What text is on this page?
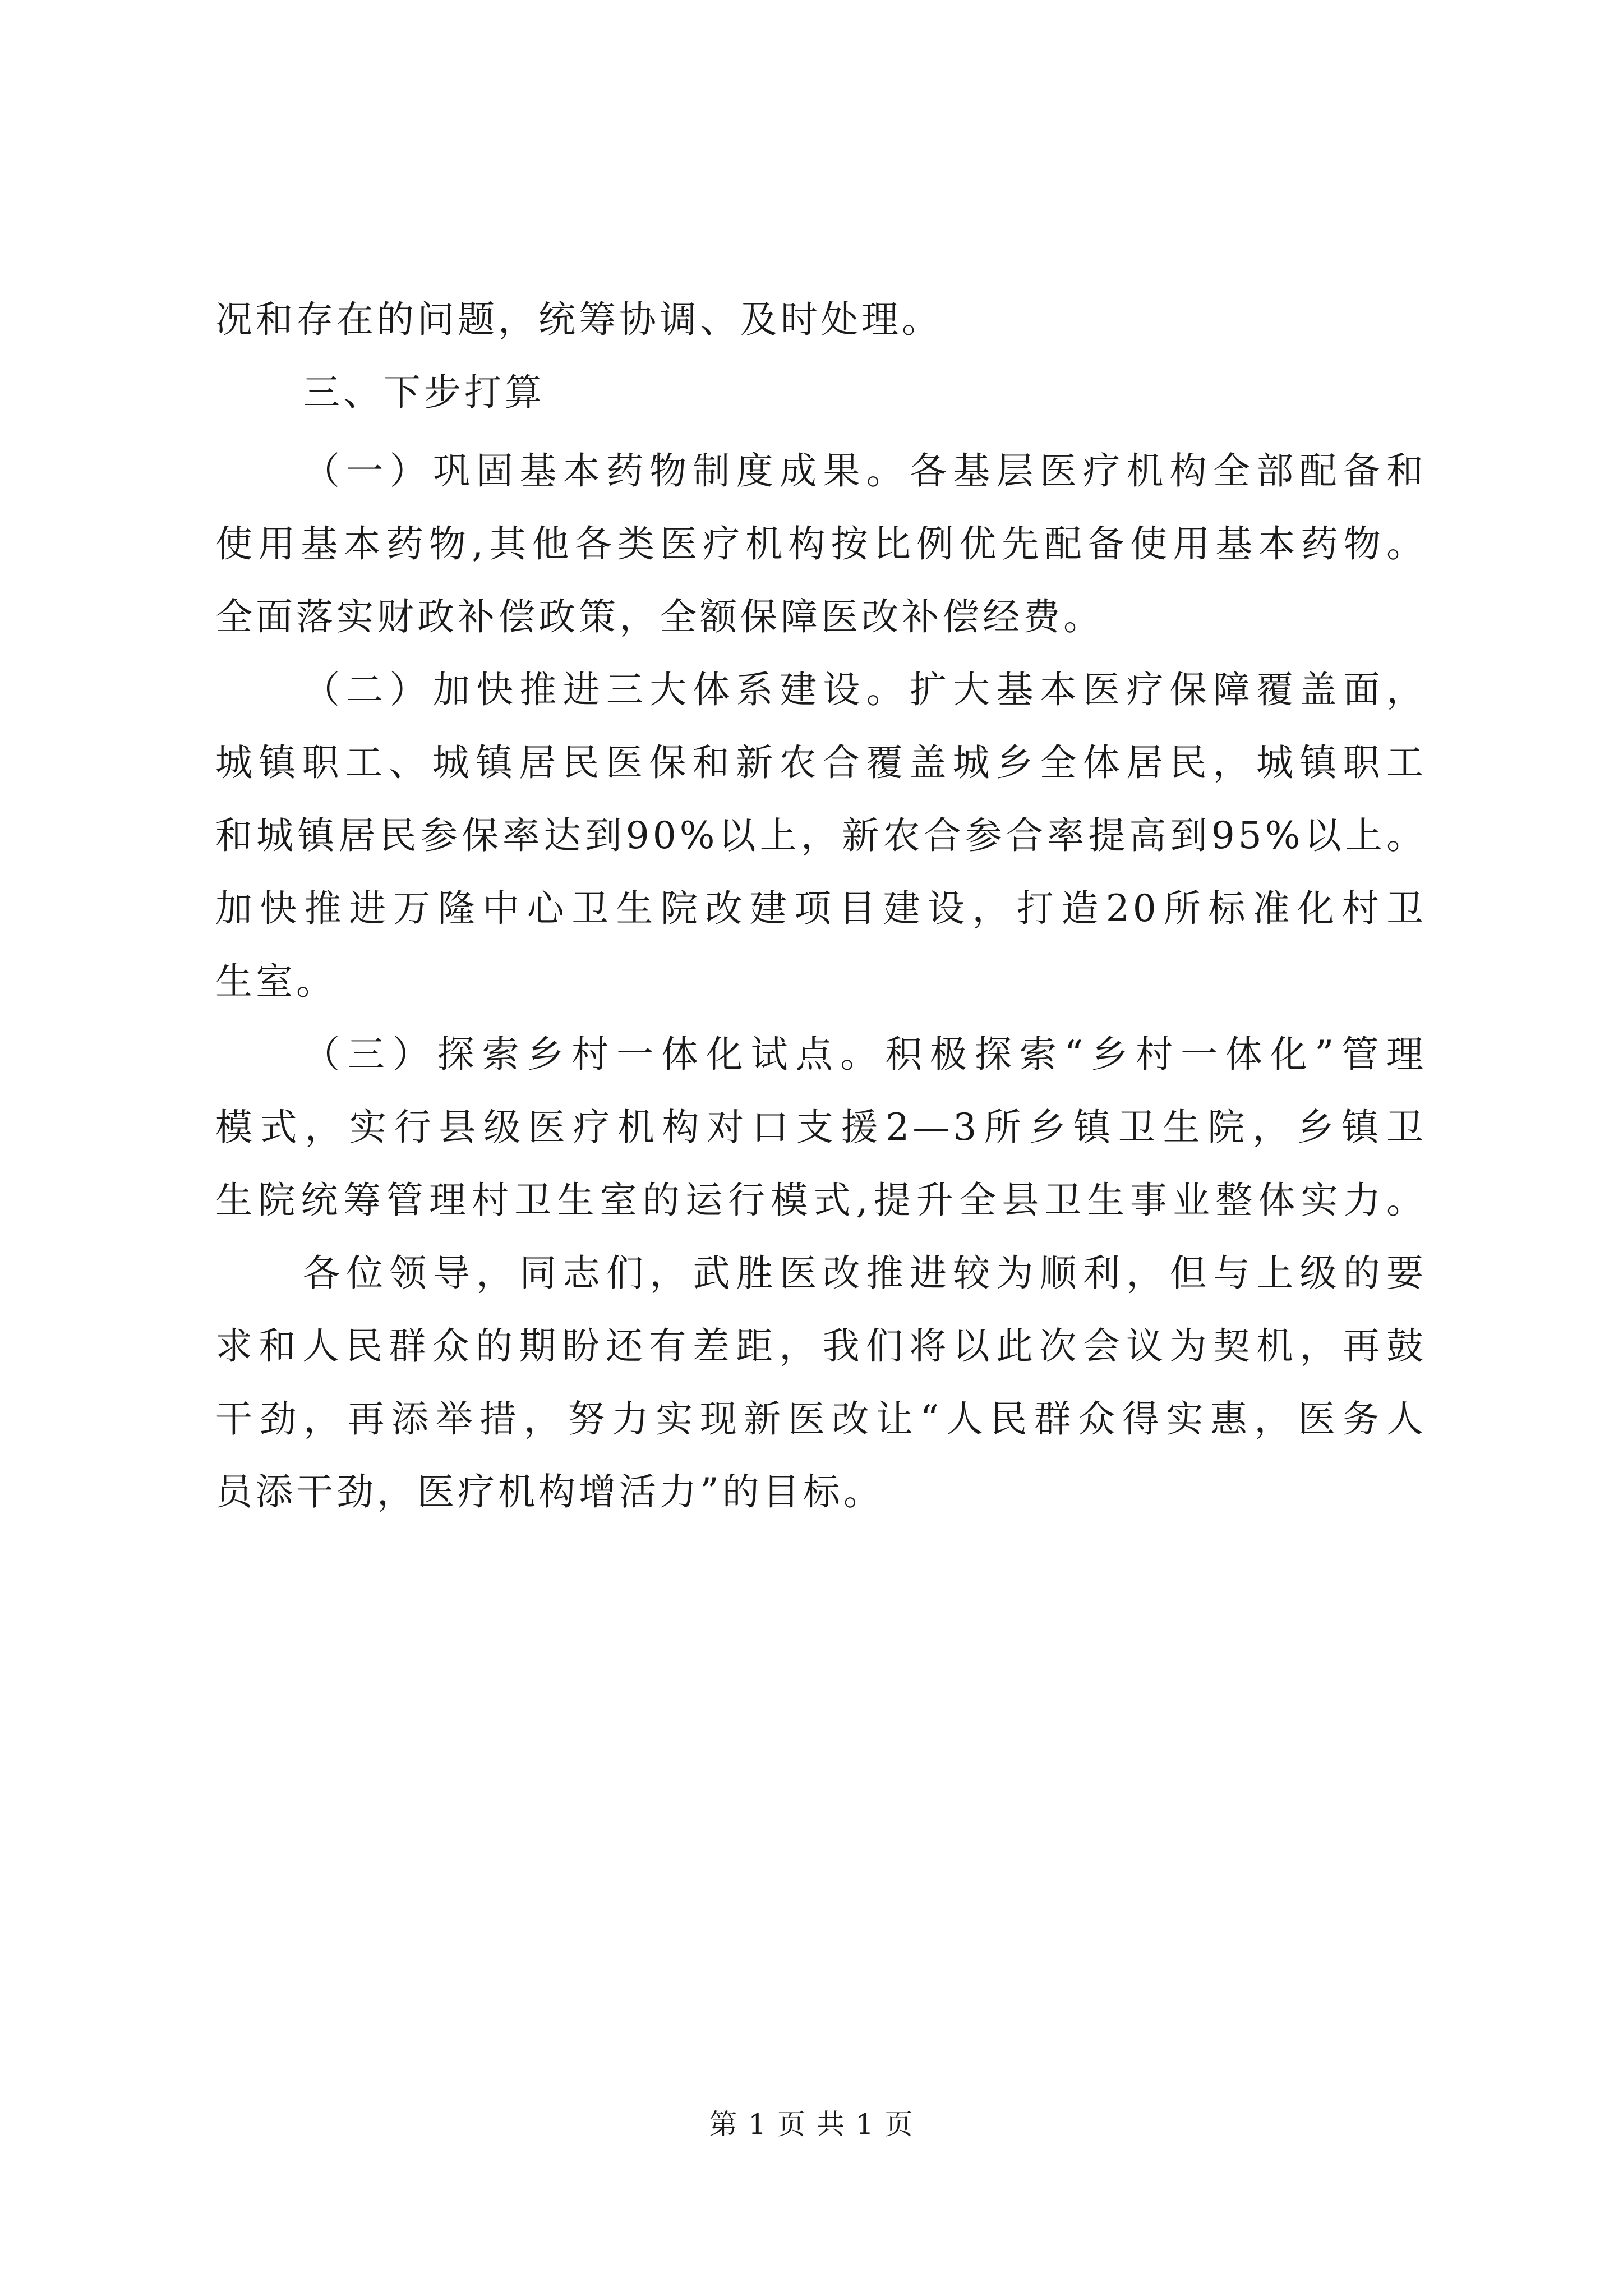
况和存在的问题，统筹协调、及时处理。
三、下步打算
（一）巩固基本药物制度成果。各基层医疗机构全部配备和
使用基本药物,其他各类医疗机构按比例优先配备使用基本药物。
全面落实财政补偿政策，全额保障医改补偿经费。
（二）加快推进三大体系建设。扩大基本医疗保障覆盖面，
城镇职工、城镇居民医保和新农合覆盖城乡全体居民，城镇职工
和城镇居民参保率达到90%以上，新农合参合率提高到95%以上。
加快推进万隆中心卫生院改建项目建设，打造20所标准化村卫
生室。
（三）探索乡村一体化试点。积极探索“乡村一体化”管理
模式，实行县级医疗机构对口支援2—3所乡镇卫生院，乡镇卫
生院统筹管理村卫生室的运行模式,提升全县卫生事业整体实力。
各位领导，同志们，武胜医改推进较为顺利，但与上级的要
求和人民群众的期盼还有差距，我们将以此次会议为契机，再鼓
干劲，再添举措，努力实现新医改让“人民群众得实惠，医务人
员添干劲，医疗机构增活力”的目标。
第 1 页 共 1 页
